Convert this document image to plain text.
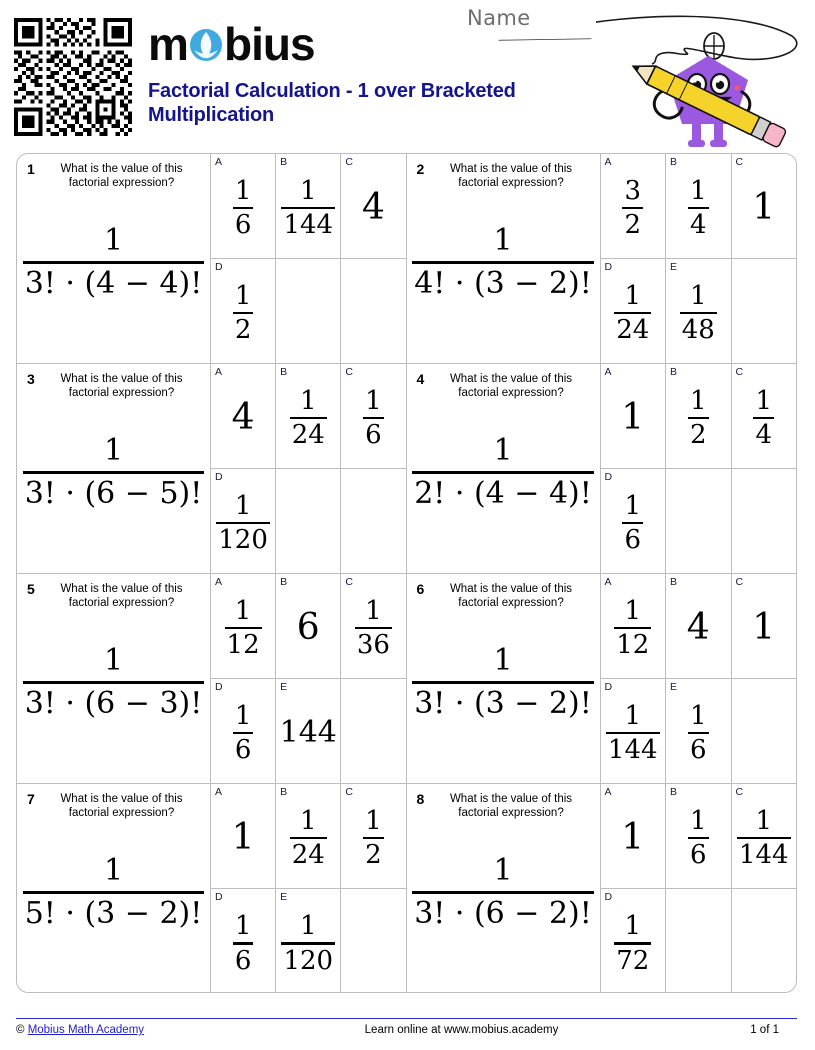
m bius
Factorial Calculation - 1 over Bracketed Multiplication
Name
1	What is the value of this factorial expression?
$\frac{1}{3! \cdot (4 - 4)!}$
A
$\frac{1}{6}$
B
$\frac{1}{144}$
C
4
D
$\frac{1}{2}$
2	What is the value of this factorial expression?
$\frac{1}{4! \cdot (3 - 2)!}$
A
$\frac{3}{2}$
B
$\frac{1}{4}$
C
1
D
$\frac{1}{24}$
E
$\frac{1}{48}$
3	What is the value of this factorial expression?
$\frac{1}{3! \cdot (6 - 5)!}$
A
4
B
$\frac{1}{24}$
C
$\frac{1}{6}$
D
$\frac{1}{120}$
4	What is the value of this factorial expression?
$\frac{1}{2! \cdot (4 - 4)!}$
A
1
B
$\frac{1}{2}$
C
$\frac{1}{4}$
D
$\frac{1}{6}$
5	What is the value of this factorial expression?
$\frac{1}{3! \cdot (6 - 3)!}$
A
$\frac{1}{12}$
B
6
C
$\frac{1}{36}$
D
$\frac{1}{6}$
E
144
6	What is the value of this factorial expression?
$\frac{1}{3! \cdot (3 - 2)!}$
A
$\frac{1}{12}$
B
4
C
1
D
$\frac{1}{144}$
E
$\frac{1}{6}$
7	What is the value of this factorial expression?
$\frac{1}{5! \cdot (3 - 2)!}$
A
1
B
$\frac{1}{24}$
C
$\frac{1}{2}$
D
$\frac{1}{6}$
E
$\frac{1}{120}$
8	What is the value of this factorial expression?
$\frac{1}{3! \cdot (6 - 2)!}$
A
1
B
$\frac{1}{6}$
C
$\frac{1}{144}$
D
$\frac{1}{72}$
© Mobius Math Academy	Learn online at www.mobius.academy	1 of 1
